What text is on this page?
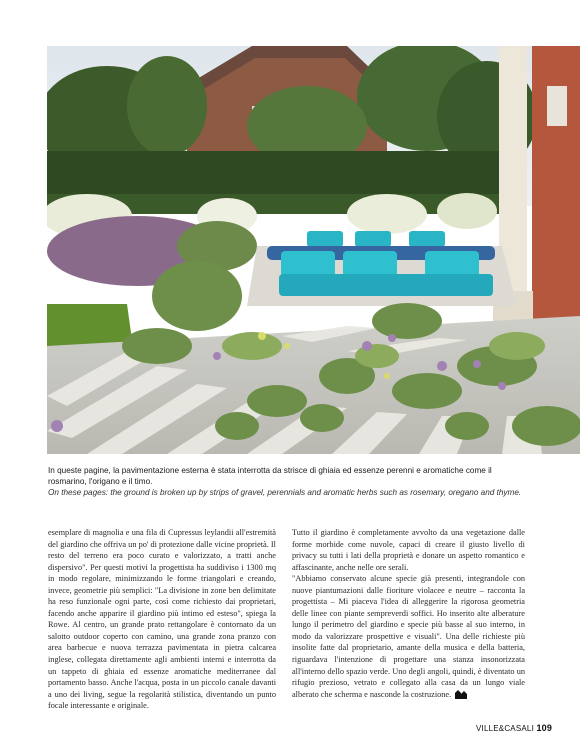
In queste pagine, la pavimentazione esterna è stata interrotta da strisce di ghiaia ed essenze perenni e aromatiche come il rosmarino, l'origano e il timo.

On these pages: the ground is broken up by strips of gravel, perennials and aromatic herbs such as rosemary, oregano and thyme.

esemplare di magnolia e una fila di Cupressus leylandii all'estremità del giardino che offriva un po' di protezione dalle vicine proprietà. Il resto del terreno era poco curato e valorizzato, a tratti anche dispersivo". Per questi motivi la progettista ha suddiviso i 1300 mq in modo regolare, minimizzando le forme triangolari e creando, invece, geometrie più semplici: "La divisione in zone ben delimitate ha reso funzionale ogni parte, così come richiesto dai proprietari, facendo anche apparire il giardino più intimo ed esteso", spiega la Rowe. Al centro, un grande prato rettangolare è contornato da un salotto outdoor coperto con camino, una grande zona pranzo con area barbecue e nuova terrazza pavimentata in pietra calcarea inglese, collegata direttamente agli ambienti interni e interrotta da un tappeto di ghiaia ed essenze aromatiche mediterranee dal portamento basso. Anche l'acqua, posta in un piccolo canale davanti a uno dei living, segue la regolarità stilistica, diventando un punto focale interessante e originale.

Tutto il giardino è completamente avvolto da una vegetazione dalle forme morbide come nuvole, capaci di creare il giusto livello di privacy su tutti i lati della proprietà e donare un aspetto romantico e affascinante, anche nelle ore serali.

"Abbiamo conservato alcune specie già presenti, integrandole con nuove piantumazioni dalle fioriture violacee e neutre – racconta la progettista – Mi piaceva l'idea di alleggerire la rigorosa geometria delle linee con piante sempreverdi soffici. Ho inserito alte alberature lungo il perimetro del giardino e specie più basse al suo interno, in modo da valorizzare prospettive e visuali". Una delle richieste più insolite fatte dal proprietario, amante della musica e della batteria, riguardava l'intenzione di progettare una stanza insonorizzata all'interno dello spazio verde. Uno degli angoli, quindi, è diventato un rifugio prezioso, vetrato e collegato alla casa da un lungo viale alberato che scherma e nasconde la costruzione.

VILLE&CASALI 109
